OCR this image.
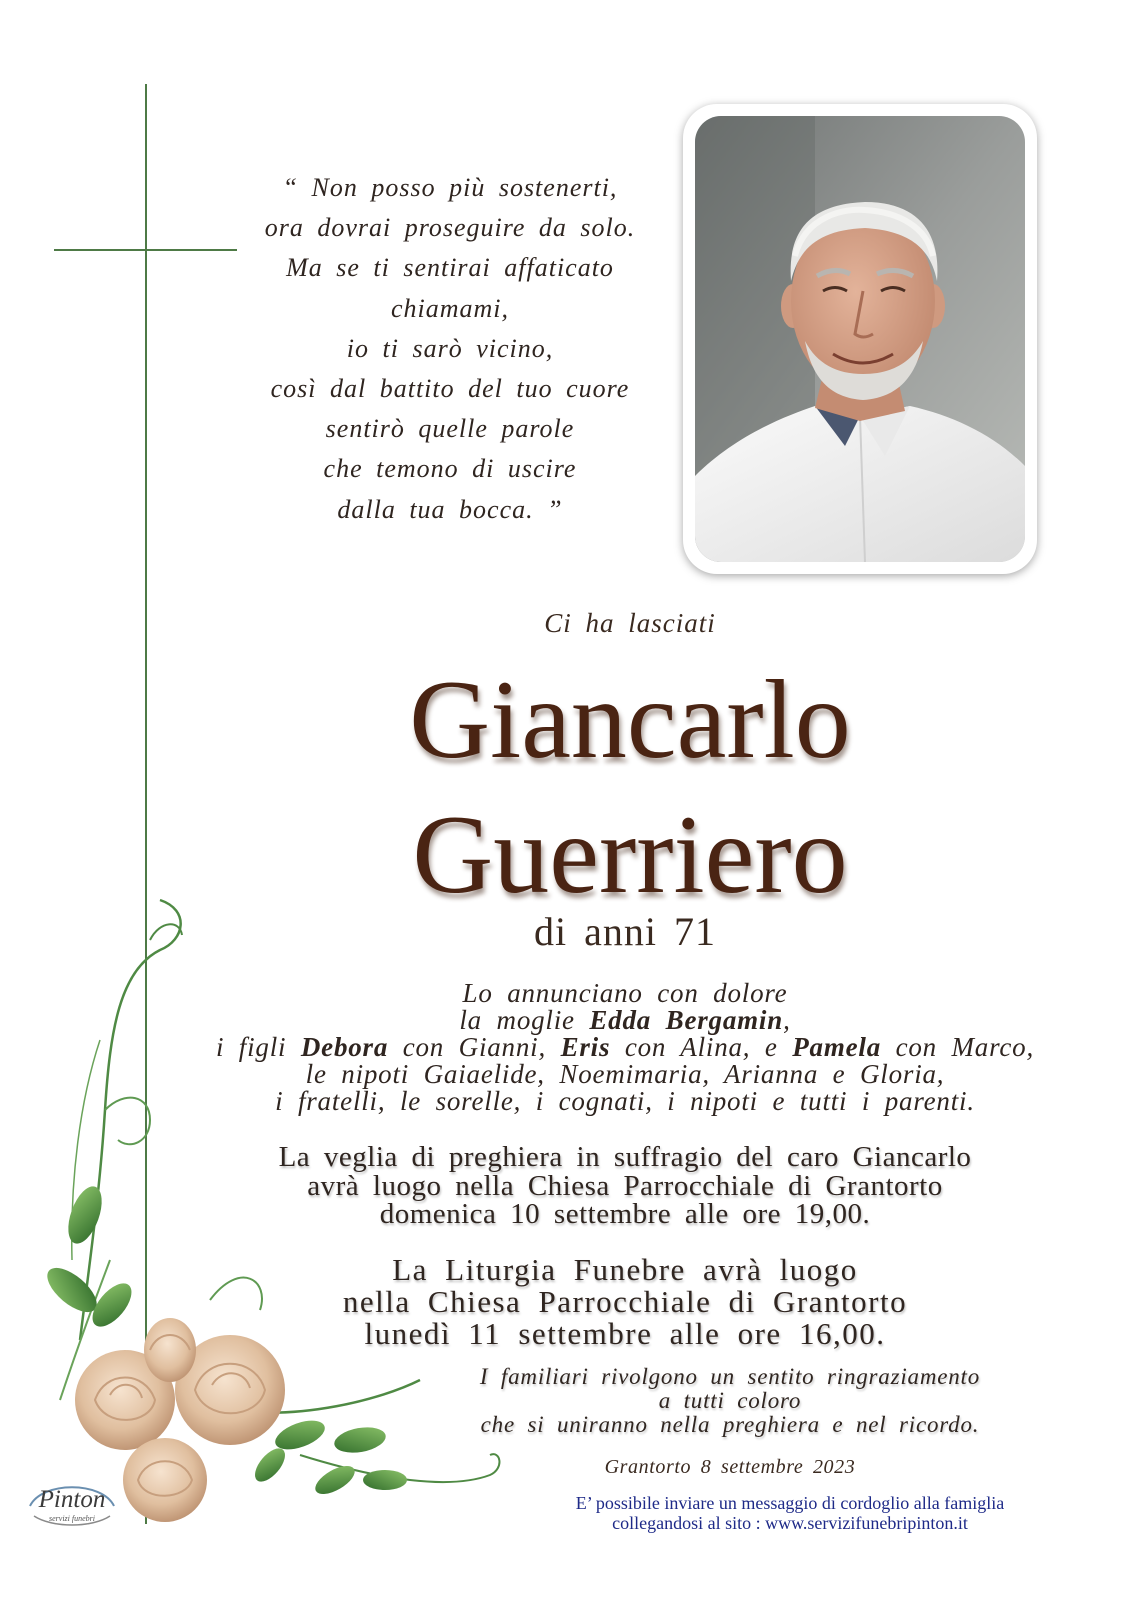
“ Non posso più sostenerti,
ora dovrai proseguire da solo.
Ma se ti sentirai affaticato
chiamami,
io ti sarò vicino,
così dal battito del tuo cuore
sentirò quelle parole
che temono di uscire
dalla tua bocca. ”
Ci ha lasciati
Giancarlo
Guerriero
di anni 71
Lo annunciano con dolore
la moglie Edda Bergamin,
i figli Debora con Gianni, Eris con Alina, e Pamela con Marco,
le nipoti Gaiaelide, Noemimaria, Arianna e Gloria,
i fratelli, le sorelle, i cognati, i nipoti e tutti i parenti.
La veglia di preghiera in suffragio del caro Giancarlo
avrà luogo nella Chiesa Parrocchiale di Grantorto
domenica 10 settembre alle ore 19,00.
La Liturgia Funebre avrà luogo
nella Chiesa Parrocchiale di Grantorto
lunedì 11 settembre alle ore 16,00.
I familiari rivolgono un sentito ringraziamento
a tutti coloro
che si uniranno nella preghiera e nel ricordo.
Grantorto 8 settembre 2023
E’ possibile inviare un messaggio di cordoglio alla famiglia
collegandosi al sito : www.servizifunebripinton.it
Pinton
servizi funebri
